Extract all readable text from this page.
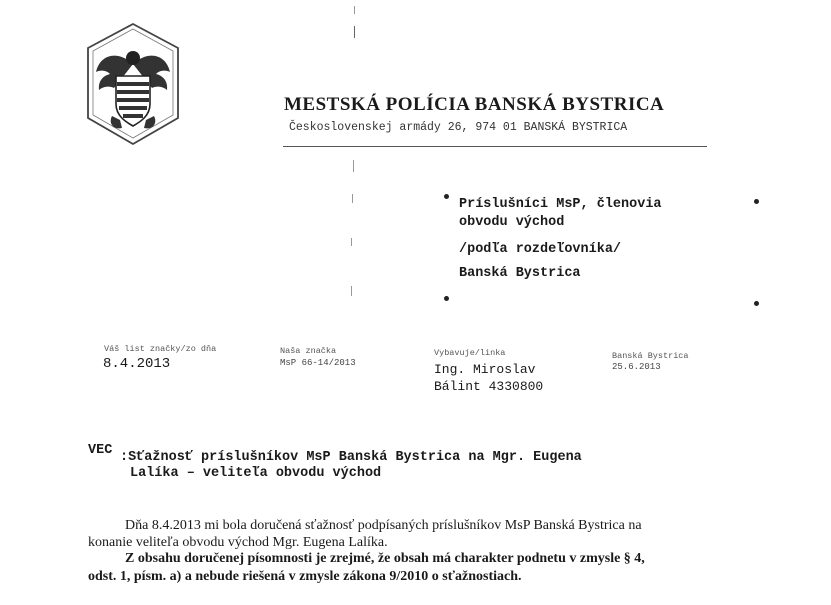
MESTSKÁ POLÍCIA BANSKÁ BYSTRICA
Československej armády 26, 974 01 BANSKÁ BYSTRICA
Príslušníci MsP, členovia
obvodu východ
/podľa rozdeľovníka/
Banská Bystrica
Váš list značky/zo dňa
8.4.2013
Naša značka
MsP 66-14/2013
Vybavuje/linka
Ing. Miroslav
Bálint 4330800
Banská Bystrica
25.6.2013
VEC :Sťažnosť príslušníkov MsP Banská Bystrica na Mgr. Eugena
Lalíka – veliteľa obvodu východ
Dňa 8.4.2013 mi bola doručená sťažnosť podpísaných príslušníkov MsP Banská Bystrica na
konanie veliteľa obvodu východ Mgr. Eugena Lalíka.
Z obsahu doručenej písomnosti je zrejmé, že obsah má charakter podnetu v zmysle § 4,
odst. 1, písm. a) a nebude riešená v zmysle zákona 9/2010 o sťažnostiach.
